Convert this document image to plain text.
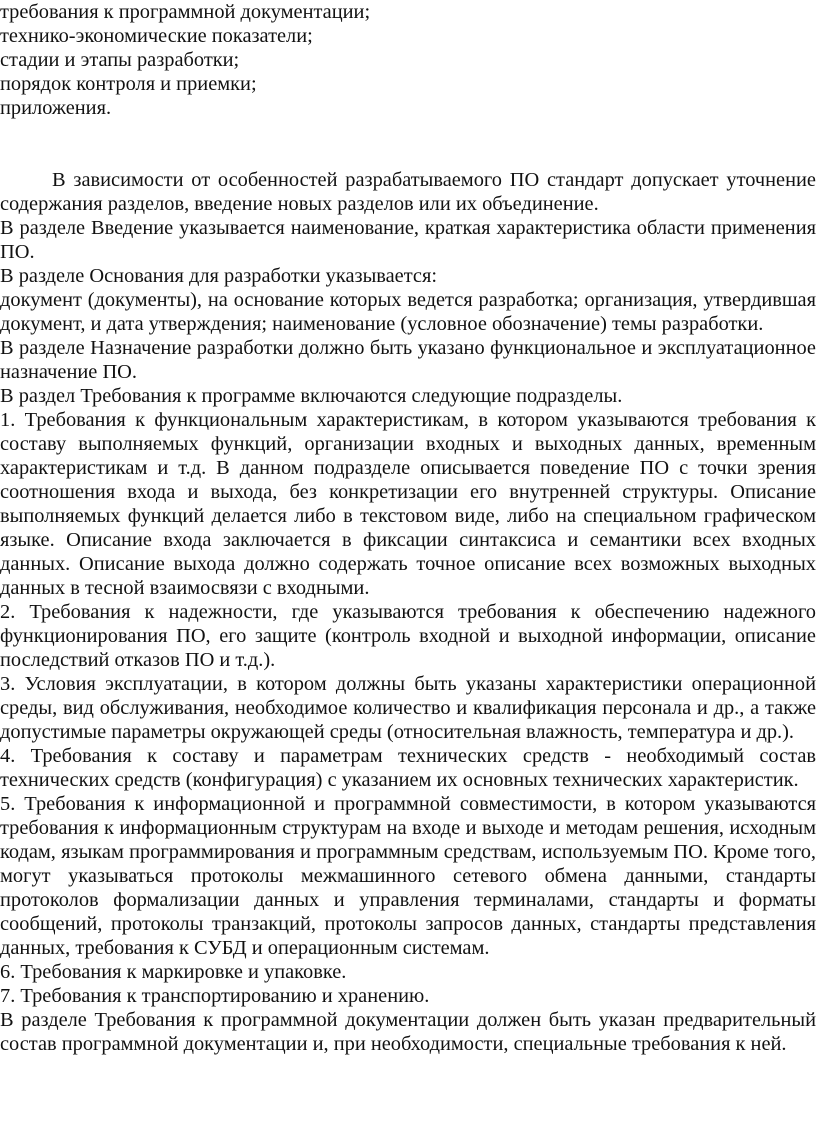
требования к программной документации;

технико-экономические показатели;

стадии и этапы разработки;

порядок контроля и приемки;

приложения.

В зависимости от особенностей разрабатываемого ПО стандарт допускает уточнение содержания разделов, введение новых разделов или их объединение.

В разделе Введение указывается наименование, краткая характеристика области применения ПО.

В разделе Основания для разработки указывается:

документ (документы), на основание которых ведется разработка; организация, утвердившая документ, и дата утверждения; наименование (условное обозначение) темы разработки.

В разделе Назначение разработки должно быть указано функциональное и эксплуатационное назначение ПО.

В раздел Требования к программе включаются следующие подразделы.

1. Требования к функциональным характеристикам, в котором указываются требования к составу выполняемых функций, организации входных и выходных данных, временным характеристикам и т.д. В данном подразделе описывается поведение ПО с точки зрения соотношения входа и выхода, без конкретизации его внутренней структуры. Описание выполняемых функций делается либо в текстовом виде, либо на специальном графическом языке. Описание входа заключается в фиксации синтаксиса и семантики всех входных данных. Описание выхода должно содержать точное описание всех возможных выходных данных в тесной взаимосвязи с входными.

2. Требования к надежности, где указываются требования к обеспечению надежного функционирования ПО, его защите (контроль входной и выходной информации, описание последствий отказов ПО и т.д.).

3. Условия эксплуатации, в котором должны быть указаны характеристики операционной среды, вид обслуживания, необходимое количество и квалификация персонала и др., а также допустимые параметры окружающей среды (относительная влажность, температура и др.).

4. Требования к составу и параметрам технических средств - необходимый состав технических средств (конфигурация) с указанием их основных технических характеристик.

5. Требования к информационной и программной совместимости, в котором указываются требования к информационным структурам на входе и выходе и методам решения, исходным кодам, языкам программирования и программным средствам, используемым ПО. Кроме того, могут указываться протоколы межмашинного сетевого обмена данными, стандарты протоколов формализации данных и управления терминалами, стандарты и форматы сообщений, протоколы транзакций, протоколы запросов данных, стандарты представления данных, требования к СУБД и операционным системам.

6. Требования к маркировке и упаковке.

7. Требования к транспортированию и хранению.

В разделе Требования к программной документации должен быть указан предварительный состав программной документации и, при необходимости, специальные требования к ней.
